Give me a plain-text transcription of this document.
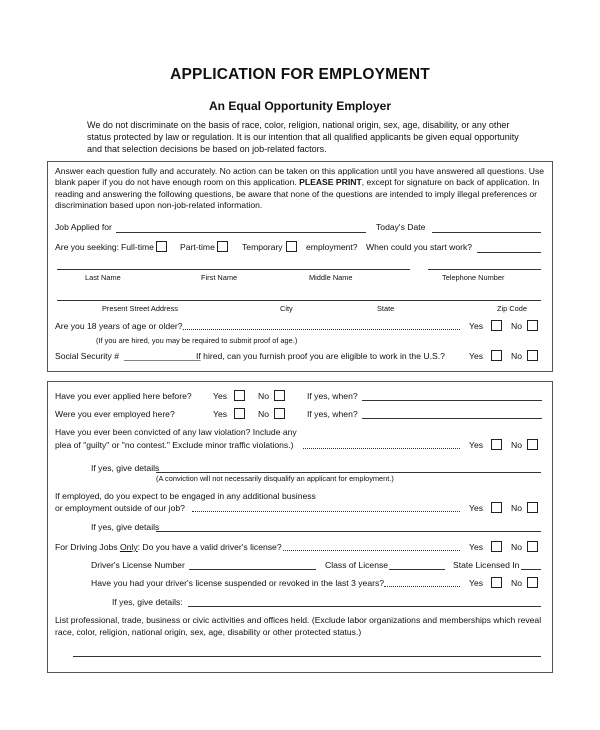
APPLICATION FOR EMPLOYMENT
An Equal Opportunity Employer
We do not discriminate on the basis of race, color, religion, national origin, sex, age, disability, or any other status protected by law or regulation. It is our intention that all qualified applicants be given equal opportunity and that selection decisions be based on job-related factors.
Answer each question fully and accurately. No action can be taken on this application until you have answered all questions. Use blank paper if you do not have enough room on this application. PLEASE PRINT, except for signature on back of application. In reading and answering the following questions, be aware that none of the questions are intended to imply illegal preferences or discrimination based upon non-job-related information.
Job Applied for	Today's Date
Are you seeking: Full-time	Part-time	Temporary	employment? When could you start work?
Last Name	First Name	Middle Name	Telephone Number
Present Street Address	City	State	Zip Code
Are you 18 years of age or older?	Yes	No
(If you are hired, you may be required to submit proof of age.)
Social Security # ________________
If hired, can you furnish proof you are eligible to work in the U.S.?	Yes	No
Have you ever applied here before? Yes	No	If yes, when?
Were you ever employed here?	Yes	No	If yes, when?
Have you ever been convicted of any law violation? Include any
plea of "guilty" or "no contest." Exclude minor traffic violations.)	Yes	No
If yes, give details
(A conviction will not necessarily disqualify an applicant for employment.)
If employed, do you expect to be engaged in any additional business
or employment outside of our job?	Yes	No
If yes, give details
For Driving Jobs Only: Do you have a valid driver's license?	Yes	No
Driver's License Number	Class of License	State Licensed In
Have you had your driver's license suspended or revoked in the last 3 years?	Yes	No
If yes, give details:
List professional, trade, business or civic activities and offices held. (Exclude labor organizations and memberships which reveal
race, color, religion, national origin, sex, age, disability or other protected status.)
